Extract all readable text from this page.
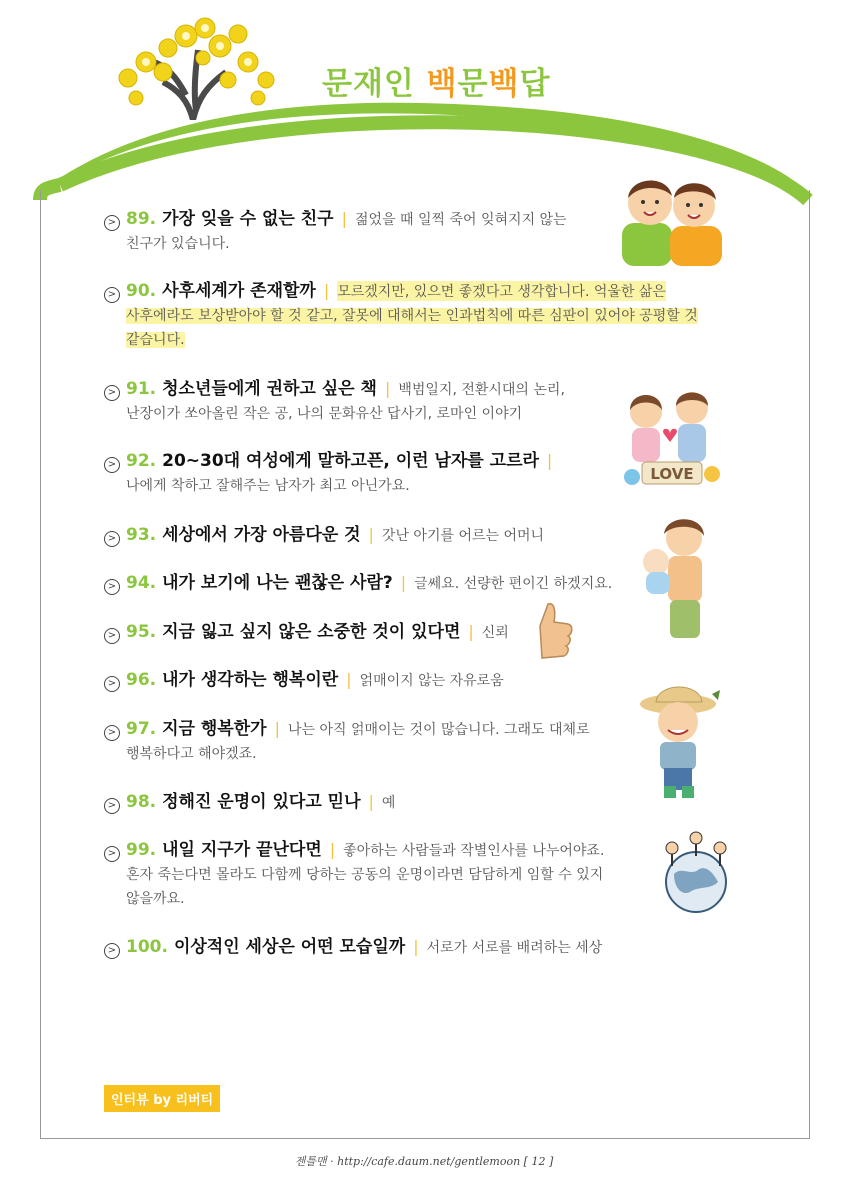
문재인 백문백답
> 89. 가장 잊을 수 없는 친구 | 젊었을 때 일찍 죽어 잊혀지지 않는
친구가 있습니다.
> 90. 사후세계가 존재할까 | 모르겠지만, 있으면 좋겠다고 생각합니다. 억울한 삶은
사후에라도 보상받아야 할 것 같고, 잘못에 대해서는 인과법칙에 따른 심판이 있어야 공평할 것
같습니다.
> 91. 청소년들에게 권하고 싶은 책 | 백범일지, 전환시대의 논리,
난장이가 쏘아올린 작은 공, 나의 문화유산 답사기, 로마인 이야기
> 92. 20~30대 여성에게 말하고픈, 이런 남자를 고르라 |
나에게 착하고 잘해주는 남자가 최고 아닌가요.
> 93. 세상에서 가장 아름다운 것 | 갓난 아기를 어르는 어머니
> 94. 내가 보기에 나는 괜찮은 사람? | 글쎄요. 선량한 편이긴 하겠지요.
> 95. 지금 잃고 싶지 않은 소중한 것이 있다면 | 신뢰
> 96. 내가 생각하는 행복이란 | 얽매이지 않는 자유로움
> 97. 지금 행복한가 | 나는 아직 얽매이는 것이 많습니다. 그래도 대체로
행복하다고 해야겠죠.
> 98. 정해진 운명이 있다고 믿나 | 예
> 99. 내일 지구가 끝난다면 | 좋아하는 사람들과 작별인사를 나누어야죠.
혼자 죽는다면 몰라도 다함께 당하는 공동의 운명이라면 담담하게 임할 수 있지
않을까요.
> 100. 이상적인 세상은 어떤 모습일까 | 서로가 서로를 배려하는 세상
LOVE
인터뷰 by 리버티
젠틀맨 · http://cafe.daum.net/gentlemoon [ 12 ]
